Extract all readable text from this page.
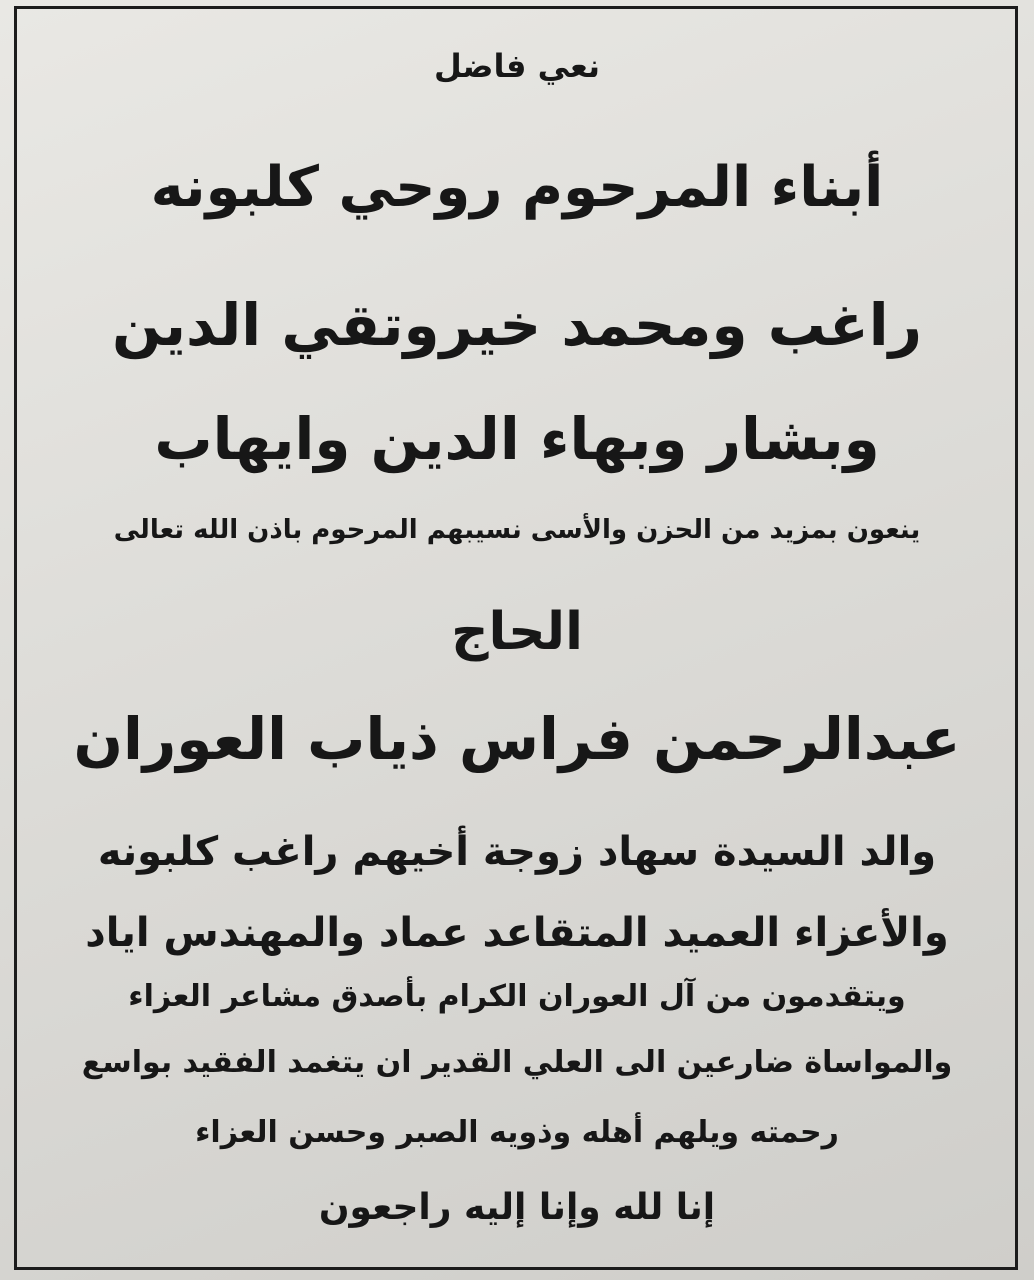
نعي فاضل
أبناء المرحوم روحي كلبونه
راغب ومحمد خيروتقي الدين
وبشار وبهاء الدين وايهاب
ينعون بمزيد من الحزن والأسى نسيبهم المرحوم باذن الله تعالى
الحاج
عبدالرحمن فراس ذياب العوران
والد السيدة سهاد زوجة أخيهم راغب كلبونه
والأعزاء العميد المتقاعد عماد والمهندس اياد
ويتقدمون من آل العوران الكرام بأصدق مشاعر العزاء
والمواساة ضارعين الى العلي القدير ان يتغمد الفقيد بواسع
رحمته ويلهم أهله وذويه الصبر وحسن العزاء
إنا لله وإنا إليه راجعون
